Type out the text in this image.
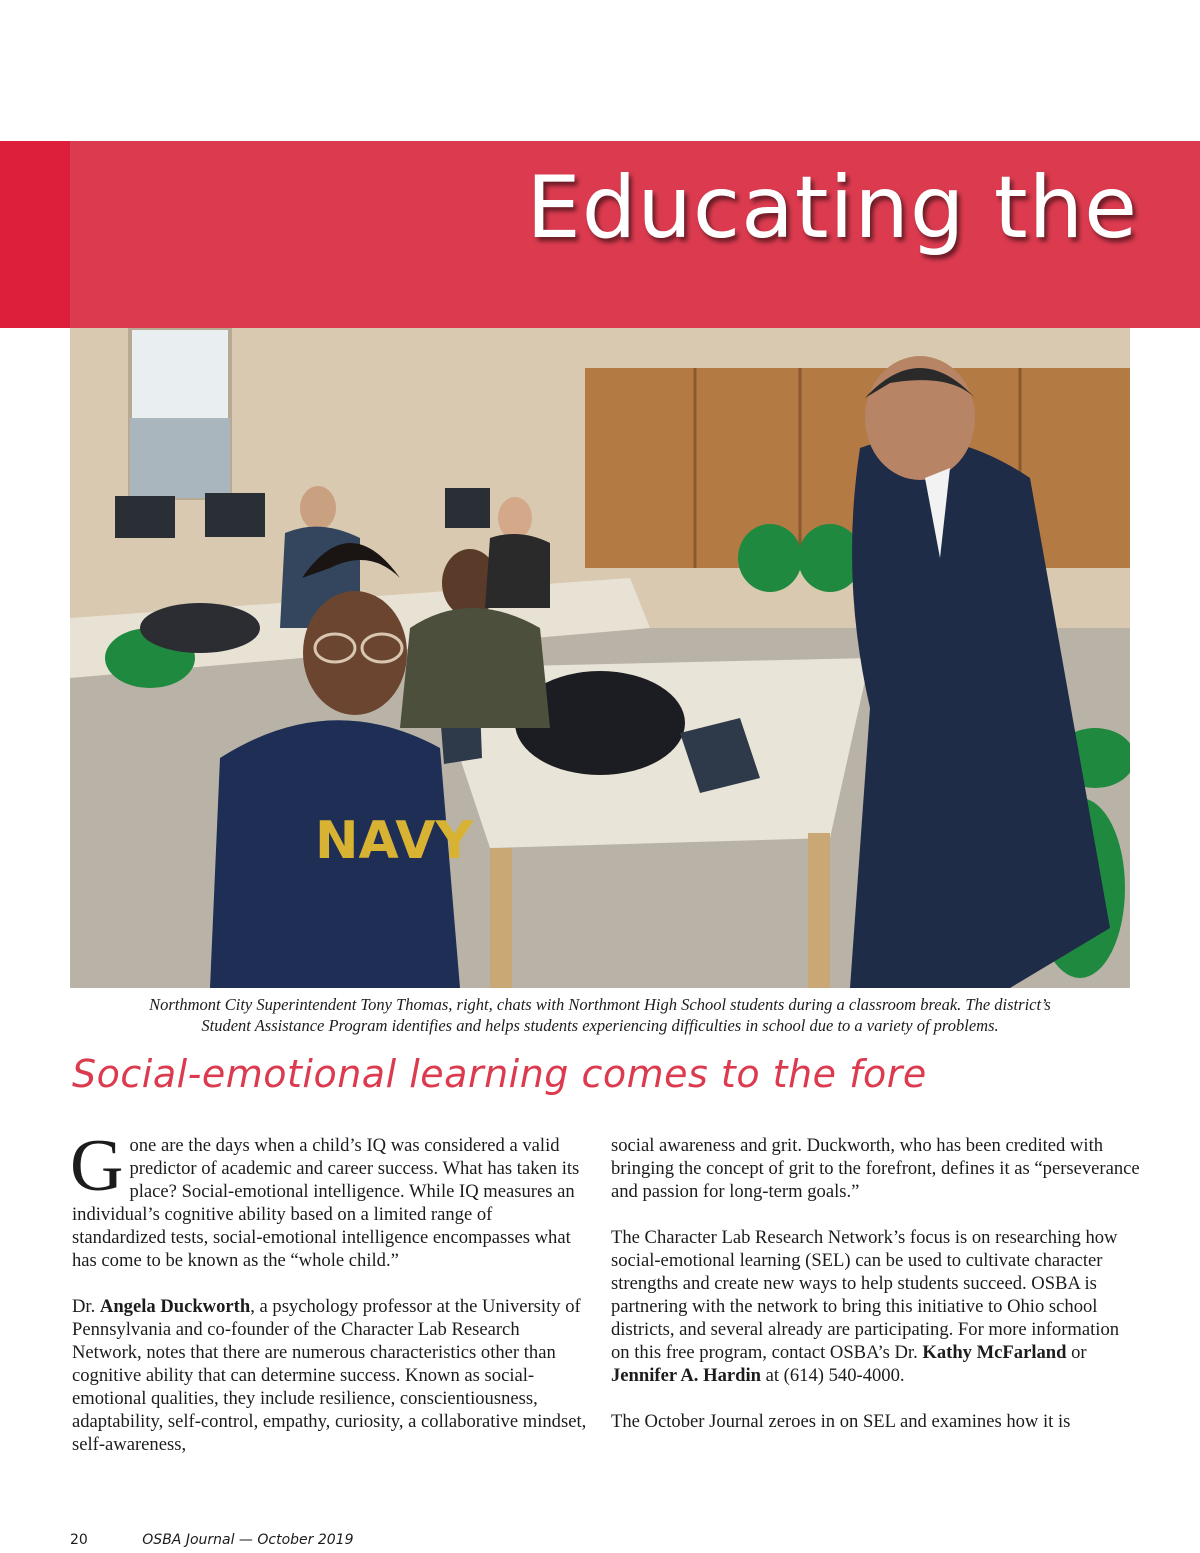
Educating the
NAVY
Northmont City Superintendent Tony Thomas, right, chats with Northmont High School students during a classroom break. The district’s
Student Assistance Program identifies and helps students experiencing difficulties in school due to a variety of problems.
Social-emotional learning comes to the fore

Gone are the days when a child’s IQ was considered a valid predictor of academic and career success. What has taken its place? Social-emotional intelligence. While IQ measures an individual’s cognitive ability based on a limited range of standardized tests, social-emotional intelligence encompasses what has come to be known as the “whole child.”

Dr. Angela Duckworth, a psychology professor at the University of Pennsylvania and co-founder of the Character Lab Research Network, notes that there are numerous characteristics other than cognitive ability that can determine success. Known as social-emotional qualities, they include resilience, conscientiousness, adaptability, self-control, empathy, curiosity, a collaborative mindset, self-awareness,

social awareness and grit. Duckworth, who has been credited with bringing the concept of grit to the forefront, defines it as “perseverance and passion for long-term goals.”

The Character Lab Research Network’s focus is on researching how social-emotional learning (SEL) can be used to cultivate character strengths and create new ways to help students succeed. OSBA is partnering with the network to bring this initiative to Ohio school districts, and several already are participating. For more information on this free program, contact OSBA’s Dr. Kathy McFarland or Jennifer A. Hardin at (614) 540-4000.

The October Journal zeroes in on SEL and examines how it is

20	OSBA Journal — October 2019
